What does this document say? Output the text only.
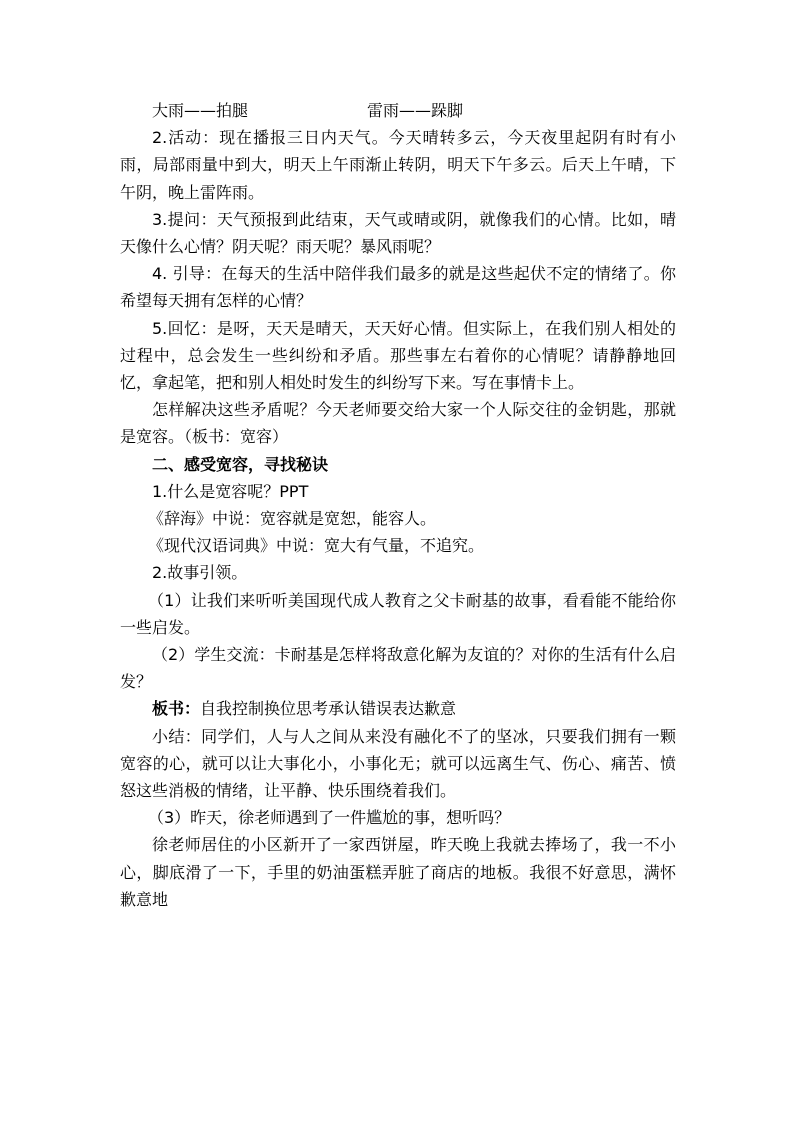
大雨——拍腿	雷雨——跺脚

2.活动：现在播报三日内天气。今天晴转多云，今天夜里起阴有时有小雨，局部雨量中到大，明天上午雨渐止转阴，明天下午多云。后天上午晴，下午阴，晚上雷阵雨。

3.提问：天气预报到此结束，天气或晴或阴，就像我们的心情。比如，晴天像什么心情？阴天呢？雨天呢？暴风雨呢？

4. 引导：在每天的生活中陪伴我们最多的就是这些起伏不定的情绪了。你希望每天拥有怎样的心情？

5.回忆：是呀，天天是晴天，天天好心情。但实际上，在我们别人相处的过程中，总会发生一些纠纷和矛盾。那些事左右着你的心情呢？请静静地回忆，拿起笔，把和别人相处时发生的纠纷写下来。写在事情卡上。

怎样解决这些矛盾呢？今天老师要交给大家一个人际交往的金钥匙，那就是宽容。（板书：宽容）

二、感受宽容，寻找秘诀

1.什么是宽容呢？PPT

《辞海》中说：宽容就是宽恕，能容人。

《现代汉语词典》中说：宽大有气量，不追究。

2.故事引领。

（1）让我们来听听美国现代成人教育之父卡耐基的故事，看看能不能给你一些启发。

（2）学生交流：卡耐基是怎样将敌意化解为友谊的？对你的生活有什么启发？

板书：自我控制换位思考承认错误表达歉意

小结：同学们，人与人之间从来没有融化不了的坚冰，只要我们拥有一颗宽容的心，就可以让大事化小，小事化无；就可以远离生气、伤心、痛苦、愤怒这些消极的情绪，让平静、快乐围绕着我们。

（3）昨天，徐老师遇到了一件尴尬的事，想听吗？

徐老师居住的小区新开了一家西饼屋，昨天晚上我就去捧场了，我一不小心，脚底滑了一下，手里的奶油蛋糕弄脏了商店的地板。我很不好意思，满怀歉意地
